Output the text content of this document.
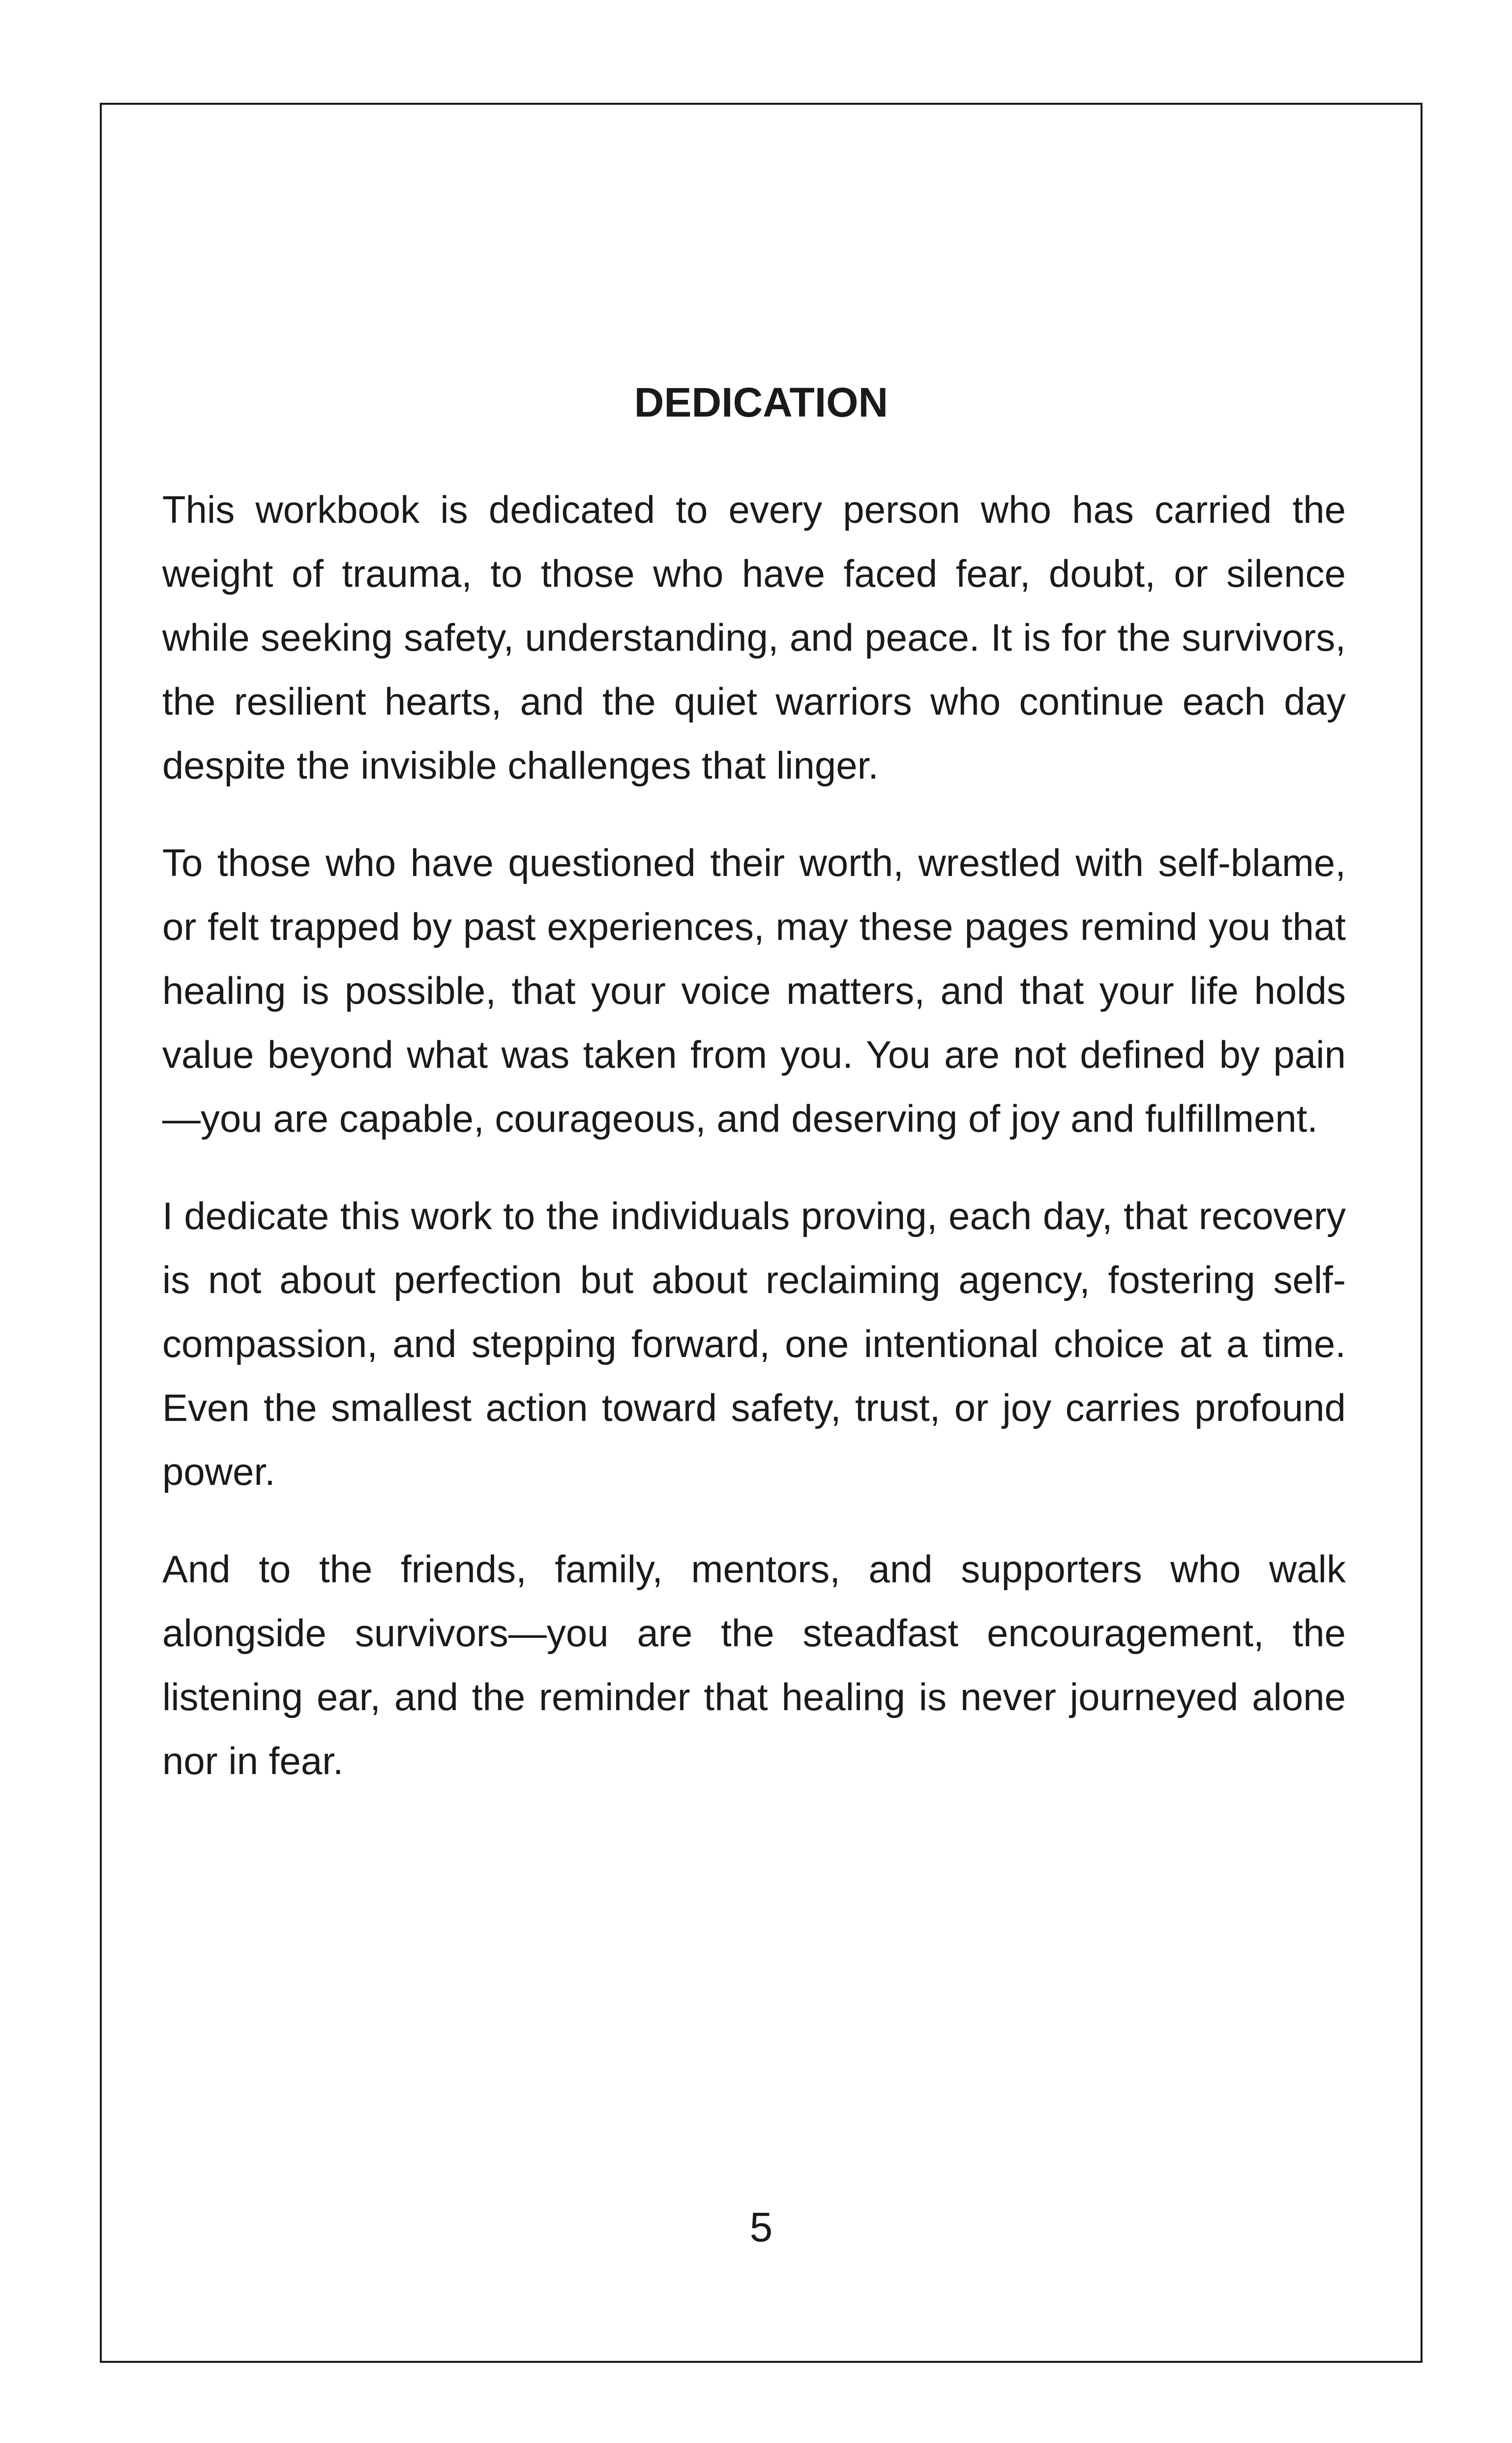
DEDICATION

This workbook is dedicated to every person who has carried the weight of trauma, to those who have faced fear, doubt, or silence while seeking safety, understanding, and peace. It is for the survivors, the resilient hearts, and the quiet warriors who continue each day despite the invisible challenges that linger.

To those who have questioned their worth, wrestled with self-blame, or felt trapped by past experiences, may these pages remind you that healing is possible, that your voice matters, and that your life holds value beyond what was taken from you. You are not defined by pain—you are capable, courageous, and deserving of joy and fulfillment.

I dedicate this work to the individuals proving, each day, that recovery is not about perfection but about reclaiming agency, fostering self-compassion, and stepping forward, one intentional choice at a time. Even the smallest action toward safety, trust, or joy carries profound power.

And to the friends, family, mentors, and supporters who walk alongside survivors—you are the steadfast encouragement, the listening ear, and the reminder that healing is never journeyed alone nor in fear.

5
